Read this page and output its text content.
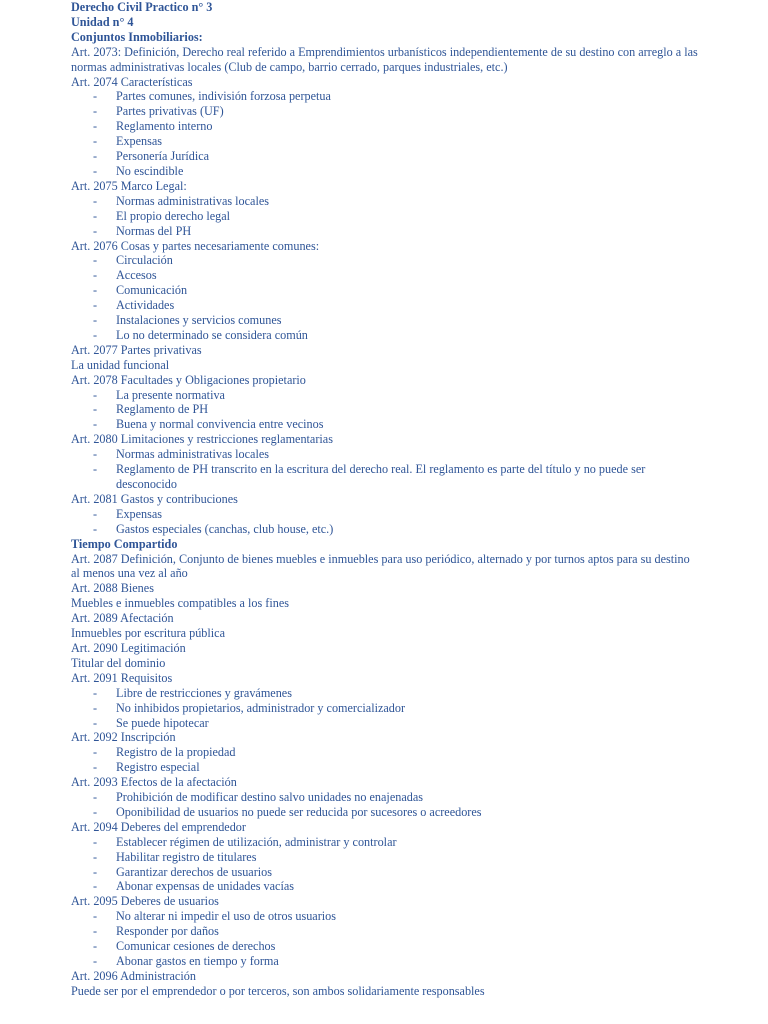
Derecho Civil Practico n° 3
Unidad n° 4
Conjuntos Inmobiliarios:
Art. 2073: Definición, Derecho real referido a Emprendimientos urbanísticos independientemente de su destino con arreglo a las normas administrativas locales (Club de campo, barrio cerrado, parques industriales, etc.)
Art. 2074 Características
- Partes comunes, indivisión forzosa perpetua
- Partes privativas (UF)
- Reglamento interno
- Expensas
- Personería Jurídica
- No escindible
Art. 2075 Marco Legal:
- Normas administrativas locales
- El propio derecho legal
- Normas del PH
Art. 2076 Cosas y partes necesariamente comunes:
- Circulación
- Accesos
- Comunicación
- Actividades
- Instalaciones y servicios comunes
- Lo no determinado se considera común
Art. 2077 Partes privativas
La unidad funcional
Art. 2078 Facultades y Obligaciones propietario
- La presente normativa
- Reglamento de PH
- Buena y normal convivencia entre vecinos
Art. 2080 Limitaciones y restricciones reglamentarias
- Normas administrativas locales
- Reglamento de PH transcrito en la escritura del derecho real. El reglamento es parte del título y no puede ser desconocido
Art. 2081 Gastos y contribuciones
- Expensas
- Gastos especiales (canchas, club house, etc.)
Tiempo Compartido
Art. 2087 Definición, Conjunto de bienes muebles e inmuebles para uso periódico, alternado y por turnos aptos para su destino al menos una vez al año
Art. 2088 Bienes
Muebles e inmuebles compatibles a los fines
Art. 2089 Afectación
Inmuebles por escritura pública
Art. 2090 Legitimación
Titular del dominio
Art. 2091 Requisitos
- Libre de restricciones y gravámenes
- No inhibidos propietarios, administrador y comercializador
- Se puede hipotecar
Art. 2092 Inscripción
- Registro de la propiedad
- Registro especial
Art. 2093 Efectos de la afectación
- Prohibición de modificar destino salvo unidades no enajenadas
- Oponibilidad de usuarios no puede ser reducida por sucesores o acreedores
Art. 2094 Deberes del emprendedor
- Establecer régimen de utilización, administrar y controlar
- Habilitar registro de titulares
- Garantizar derechos de usuarios
- Abonar expensas de unidades vacías
Art. 2095 Deberes de usuarios
- No alterar ni impedir el uso de otros usuarios
- Responder por daños
- Comunicar cesiones de derechos
- Abonar gastos en tiempo y forma
Art. 2096 Administración
Puede ser por el emprendedor o por terceros, son ambos solidariamente responsables
